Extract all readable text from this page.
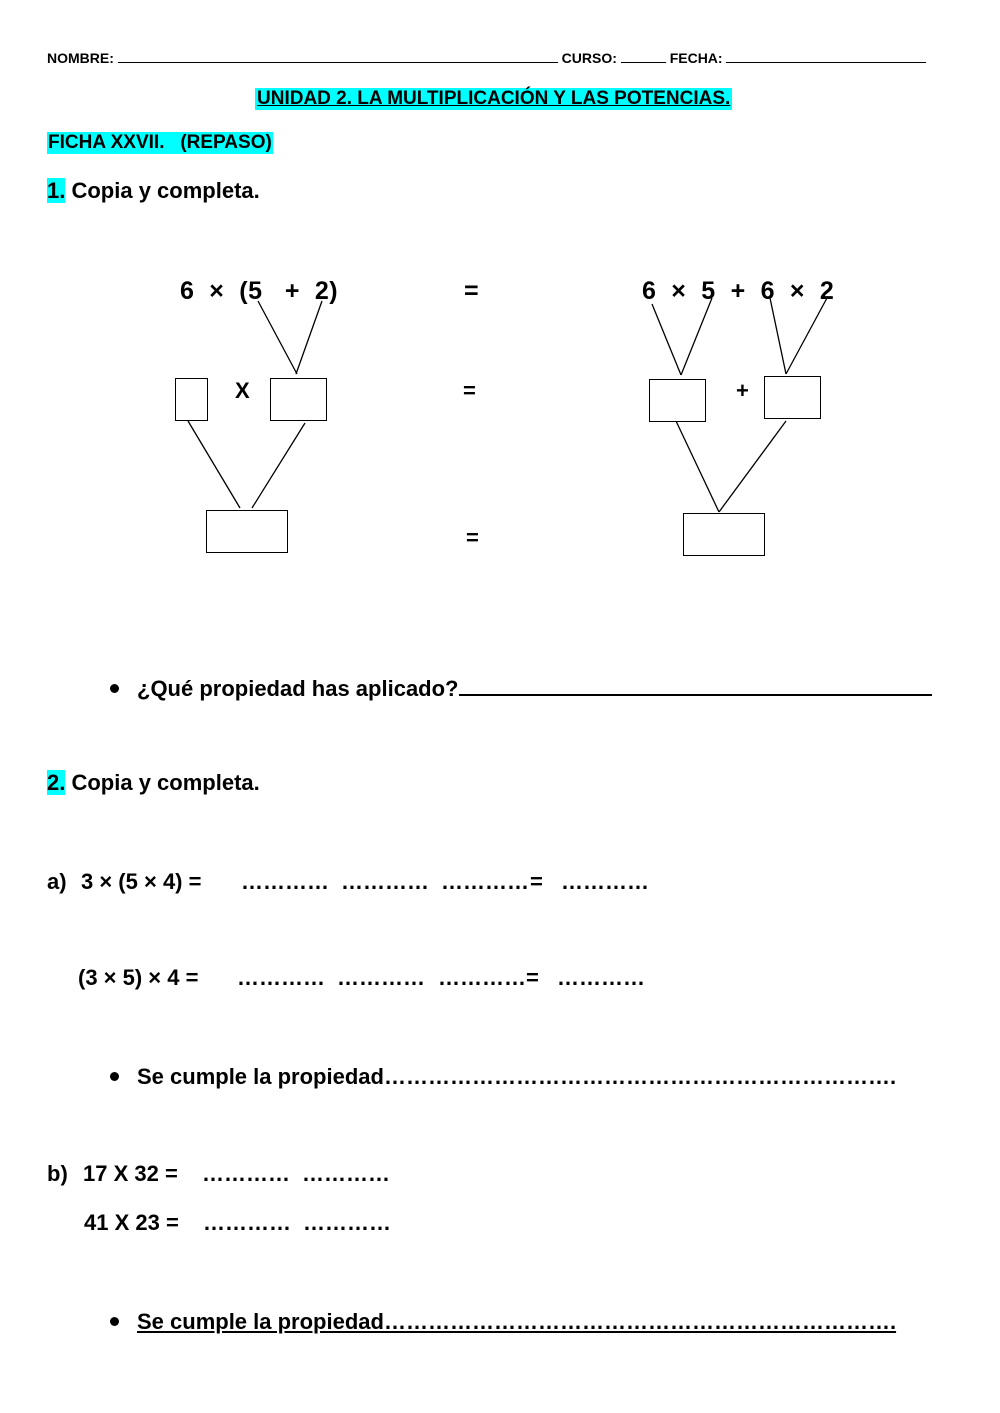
NOMBRE:	CURSO:	FECHA:
UNIDAD 2. LA MULTIPLICACIÓN Y LAS POTENCIAS.
FICHA XXVII.   (REPASO)
1. Copia y completa.
6  ×  (5   +  2)	=	6  ×  5  +  6  ×  2
X	=	+
=
¿Qué propiedad has aplicado?
2. Copia y completa.
a) 3 × (5 × 4) = ………… ………… ………… = …………
(3 × 5) × 4 = ………… ………… ………… = …………
Se cumple la propiedad…………………………………………………………….
b) 17 X 32 = ………… …………
41 X 23 = ………… …………
Se cumple la propiedad…………………………………………………………….
